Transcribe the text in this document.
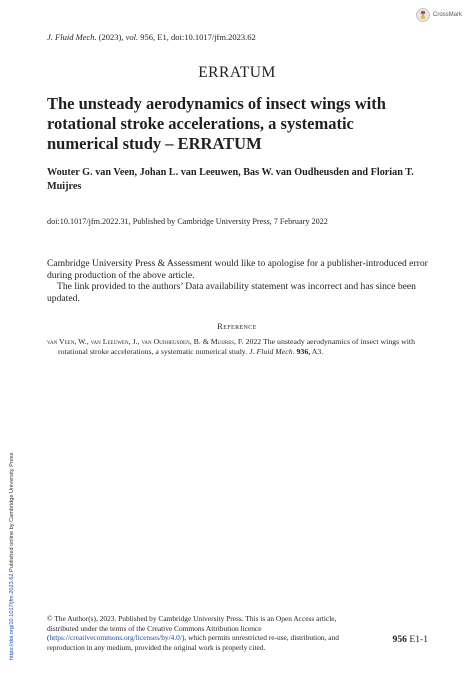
CrossMark
J. Fluid Mech. (2023), vol. 956, E1, doi:10.1017/jfm.2023.62
ERRATUM
The unsteady aerodynamics of insect wings with rotational stroke accelerations, a systematic numerical study – ERRATUM
Wouter G. van Veen, Johan L. van Leeuwen, Bas W. van Oudheusden and Florian T. Muijres
doi:10.1017/jfm.2022.31, Published by Cambridge University Press, 7 February 2022

Cambridge University Press & Assessment would like to apologise for a publisher-introduced error during production of the above article.

The link provided to the authors’ Data availability statement was incorrect and has since been updated.

Reference
van Veen, W., van Leeuwen, J., van Oudheusden, B. & Muijres, F. 2022 The unsteady aerodynamics of insect wings with rotational stroke accelerations, a systematic numerical study. J. Fluid Mech. 936, A3.
https://doi.org/10.1017/jfm.2023.62 Published online by Cambridge University Press
© The Author(s), 2023. Published by Cambridge University Press. This is an Open Access article, distributed under the terms of the Creative Commons Attribution licence (https://creativecommons.org/licenses/by/4.0/), which permits unrestricted re-use, distribution, and reproduction in any medium, provided the original work is properly cited.
956 E1-1
